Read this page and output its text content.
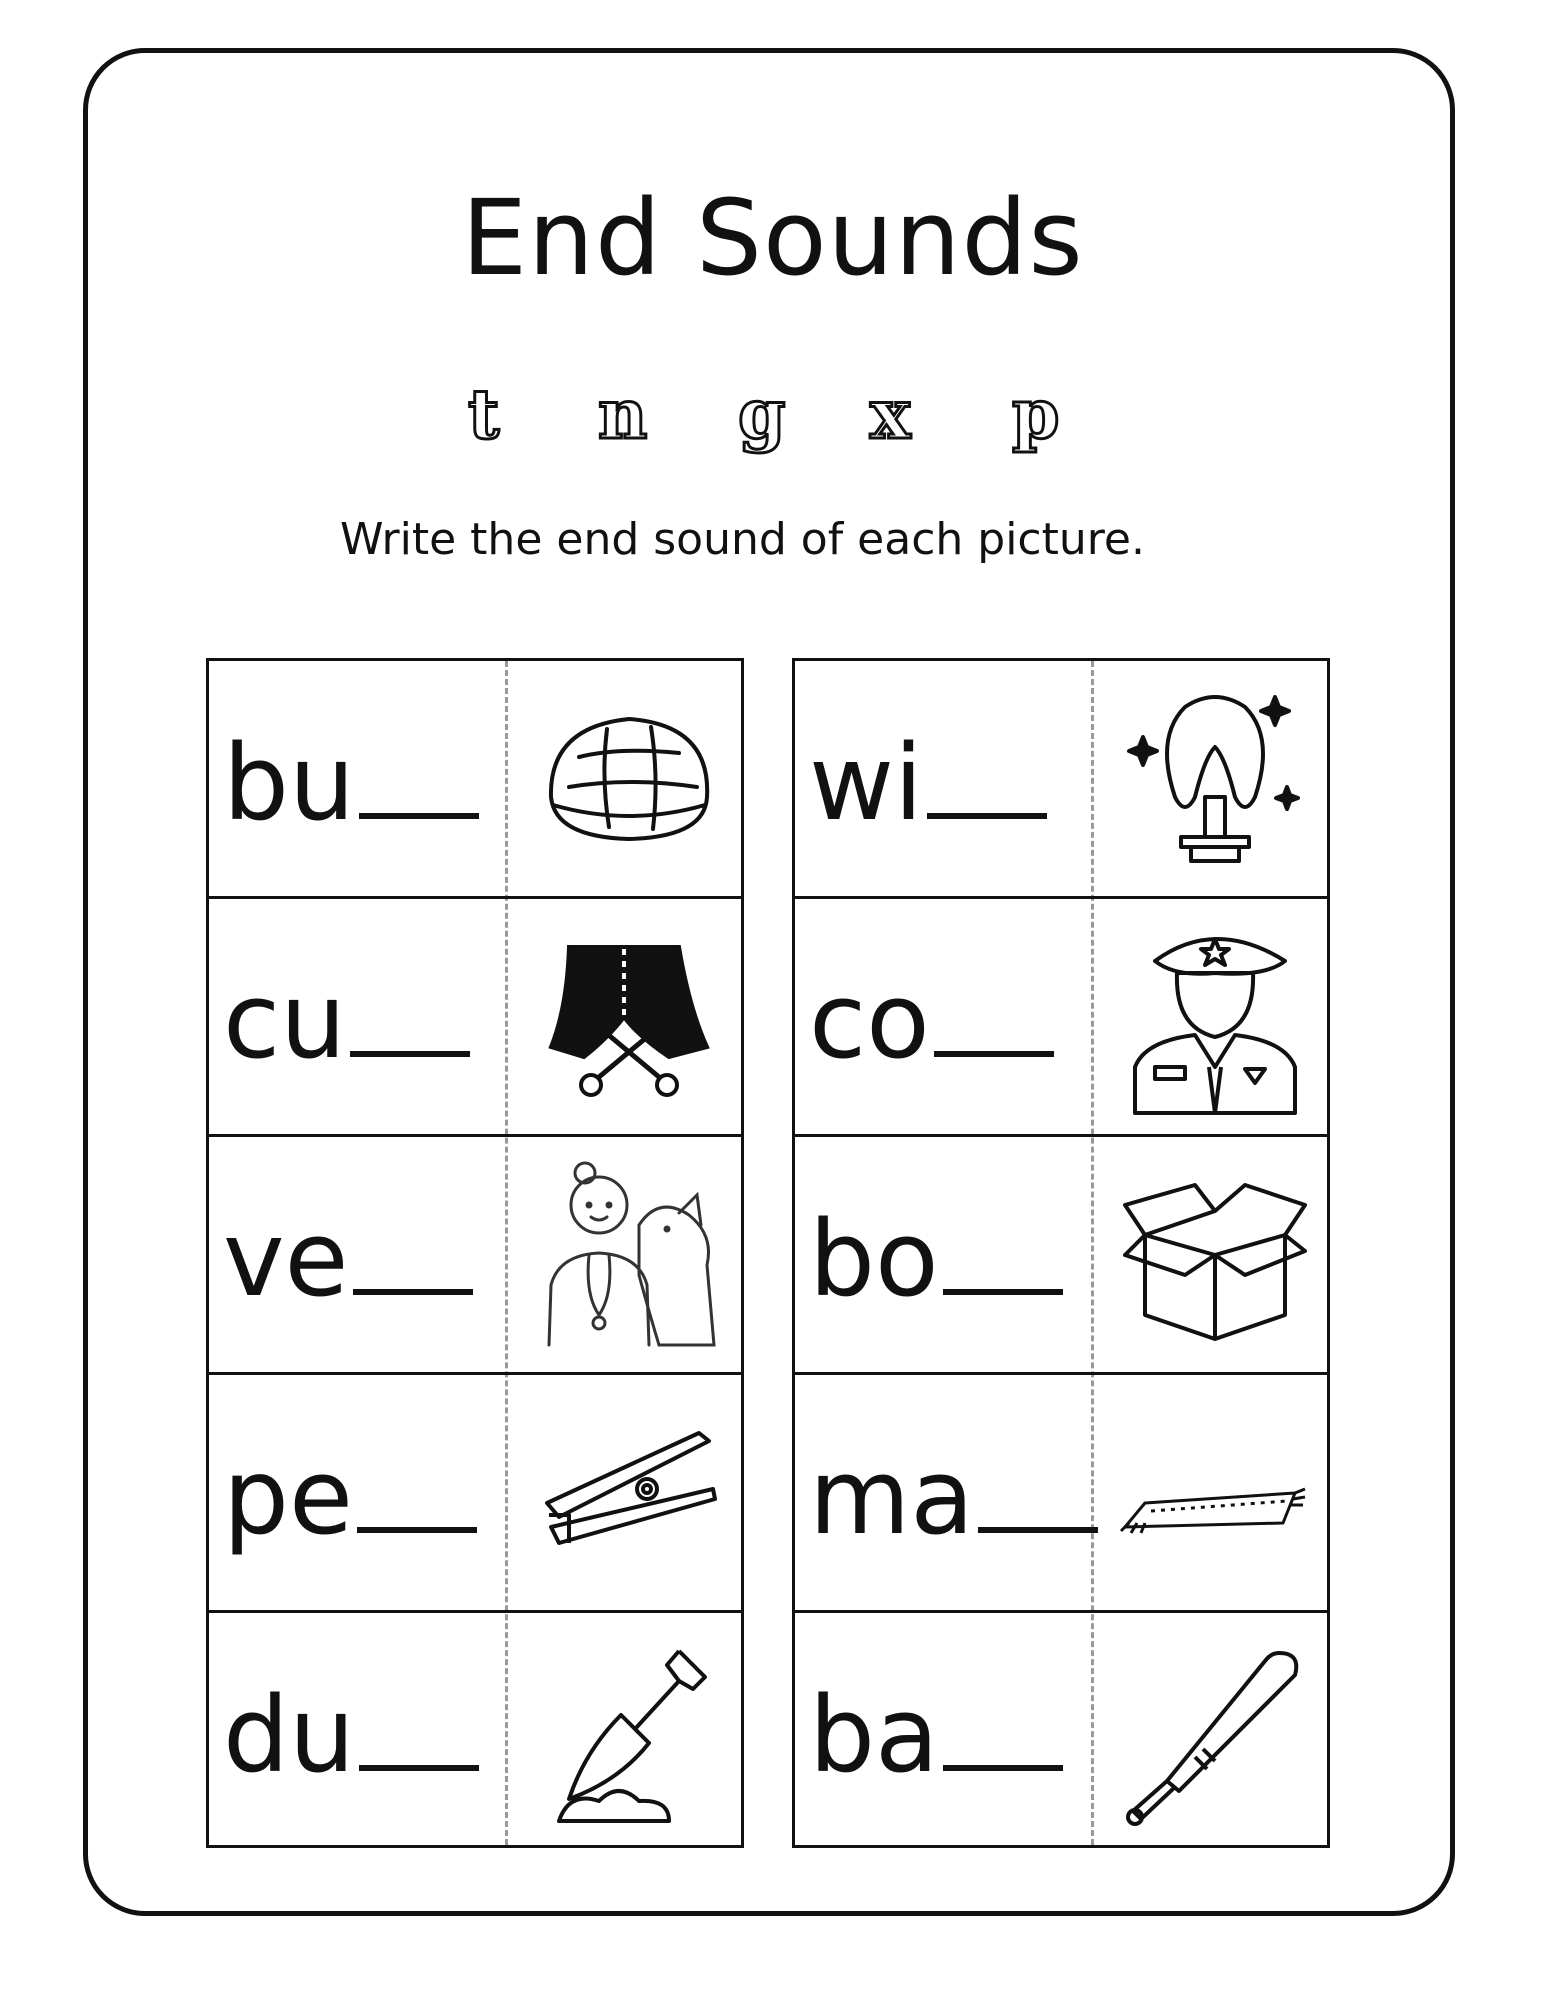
End Sounds
t n g x p
Write the end sound of each picture.
bu
cu
ve
pe
du
wi
co
bo
ma
ba
